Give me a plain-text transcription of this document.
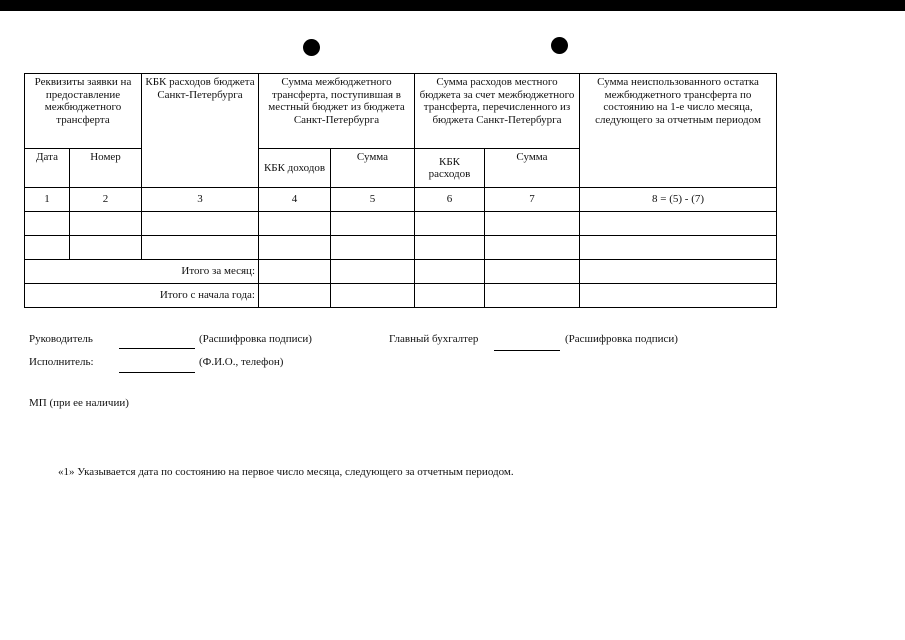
Реквизиты заявки на предоставление межбюджетного трансферта		КБК расходов бюджета Санкт-Петербурга	Сумма межбюджетного трансферта, поступившая в местный бюджет из бюджета Санкт-Петербурга		Сумма расходов местного бюджета за счет межбюджетного трансферта, перечисленного из бюджета Санкт-Петербурга		Сумма неиспользованного остатка межбюджетного трансферта по состоянию на 1-е число месяца, следующего за отчетным периодом
Дата	Номер		КБК доходов	Сумма	КБК расходов	Сумма	
1	2	3	4	5	6	7	8 = (5) - (7)

Итого за месяц:							
Итого с начала года:							
Руководитель	(Расшифровка подписи)	Главный бухгалтер	(Расшифровка подписи)
Исполнитель:	(Ф.И.О., телефон)
МП (при ее наличии)
«1» Указывается дата по состоянию на первое число месяца, следующего за отчетным периодом.
